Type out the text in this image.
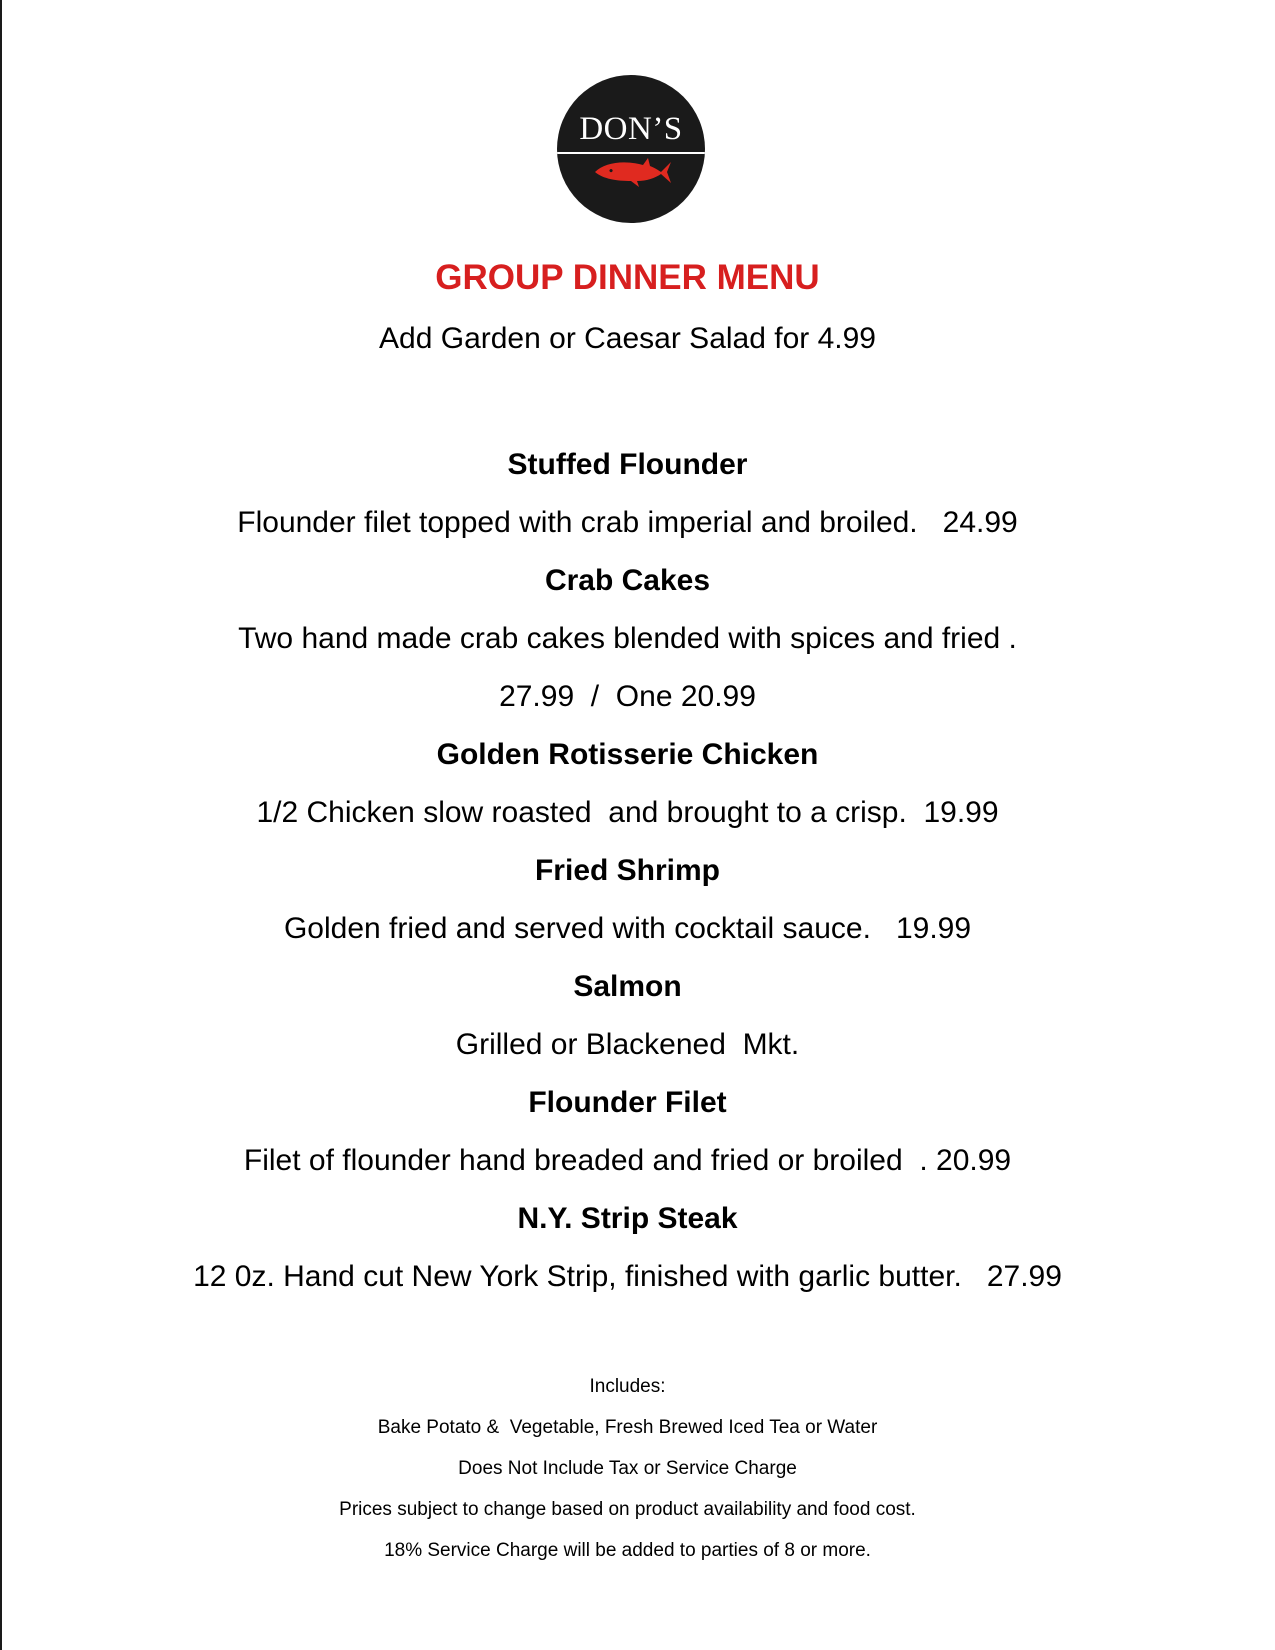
DON’S
GROUP DINNER MENU
Add Garden or Caesar Salad for 4.99
Stuffed Flounder
Flounder filet topped with crab imperial and broiled.   24.99
Crab Cakes
Two hand made crab cakes blended with spices and fried .
27.99  /  One 20.99
Golden Rotisserie Chicken
1/2 Chicken slow roasted  and brought to a crisp.  19.99
Fried Shrimp
Golden fried and served with cocktail sauce.   19.99
Salmon
Grilled or Blackened  Mkt.
Flounder Filet
Filet of flounder hand breaded and fried or broiled  . 20.99
N.Y. Strip Steak
12 0z. Hand cut New York Strip, finished with garlic butter.   27.99
Includes:
Bake Potato &  Vegetable, Fresh Brewed Iced Tea or Water
Does Not Include Tax or Service Charge
Prices subject to change based on product availability and food cost.
18% Service Charge will be added to parties of 8 or more.
